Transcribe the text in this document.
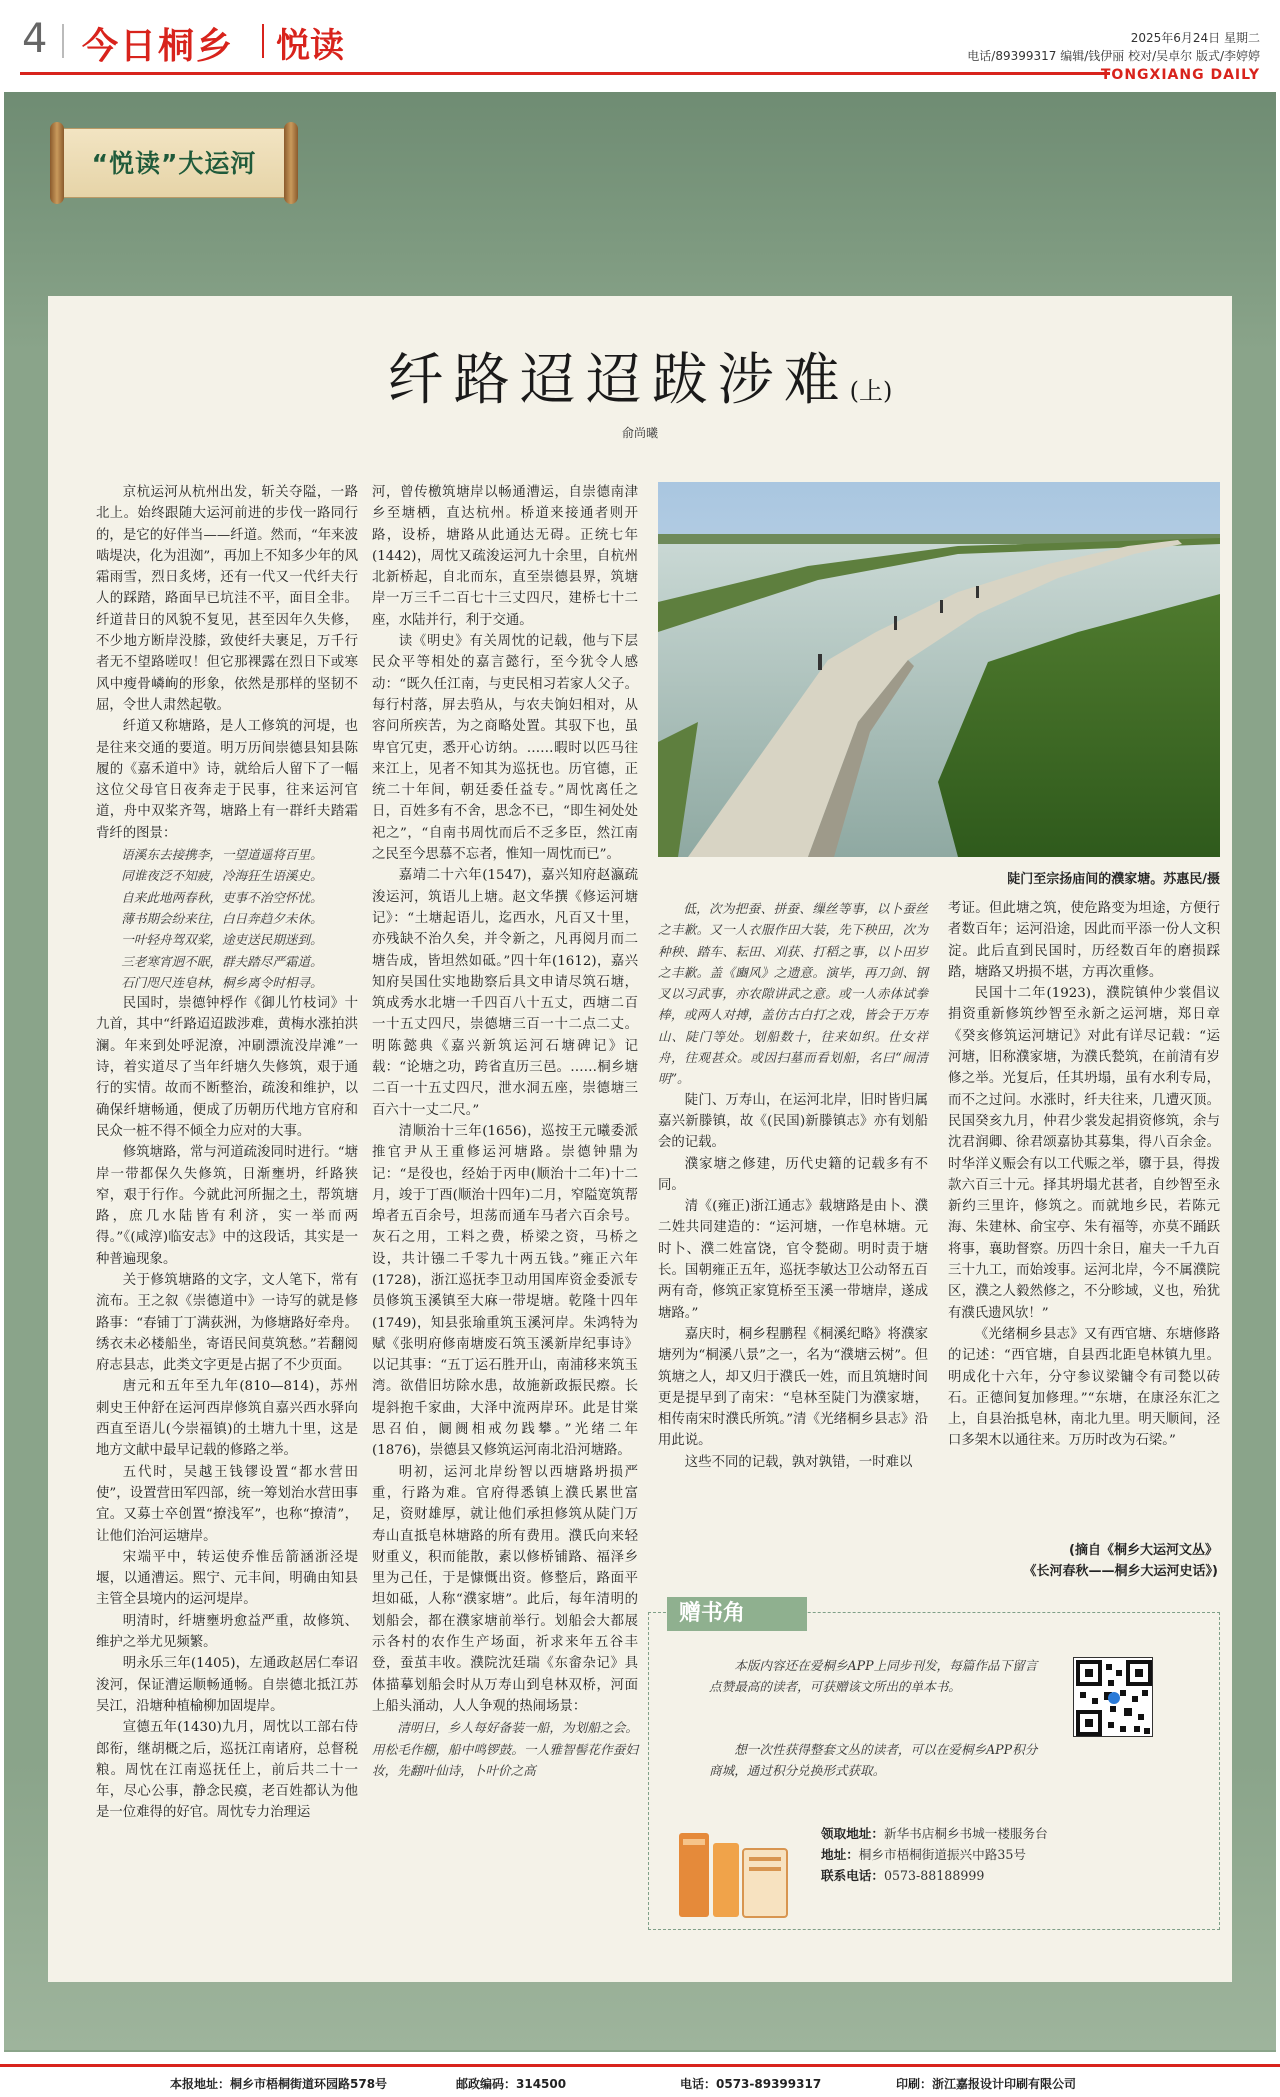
4 今日桐乡 悦读	2025年6月24日 星期二
电话/89399317 编辑/钱伊丽 校对/吴卓尔 版式/李婷婷
TONGXIANG DAILY
“悦读”大运河
纤路迢迢跋涉难(上)
俞尚曦

京杭运河从杭州出发，斩关夺隘，一路北上。始终跟随大运河前进的步伐一路同行的，是它的好伴当——纤道。然而，“年来波啮堤决，化为沮洳”，再加上不知多少年的风霜雨雪，烈日炙烤，还有一代又一代纤夫行人的踩踏，路面早已坑洼不平，面目全非。纤道昔日的风貌不复见，甚至因年久失修，不少地方断岸没膝，致使纤夫裹足，万千行者无不望路嗟叹！但它那裸露在烈日下或寒风中瘦骨嶙峋的形象，依然是那样的坚韧不屈，令世人肃然起敬。

纤道又称塘路，是人工修筑的河堤，也是往来交通的要道。明万历间崇德县知县陈履的《嘉禾道中》诗，就给后人留下了一幅这位父母官日夜奔走于民事，往来运河官道，舟中双桨齐驾，塘路上有一群纤夫踏霜背纤的图景：

语溪东去接携李，一望道遥将百里。
同谁夜泛不知疲，冷海狂生语溪史。
自来此地两春秋，吏事不治空怀忧。
薄书期会纷来往，白日奔趋夕未休。
一叶轻舟驾双桨，途吏送民期迷到。
三老寒宵迥不眠，群夫踏尽严霜道。
石门咫尺连皂林，桐乡离令时相寻。

民国时，崇德钟桴作《御儿竹枝词》十九首，其中“纤路迢迢跋涉难，黄梅水涨拍洪澜。年来到处呼泥潦，冲刷漂流没岸滩”一诗，着实道尽了当年纤塘久失修筑，艰于通行的实情。故而不断整治，疏浚和维护，以确保纤塘畅通，便成了历朝历代地方官府和民众一桩不得不倾全力应对的大事。

修筑塘路，常与河道疏浚同时进行。“塘岸一带都保久失修筑，日渐壅坍，纤路狭窄，艰于行作。今就此河所掘之土，帮筑塘路，庶几水陆皆有利济，实一举而两得。”《(咸淳)临安志》中的这段话，其实是一种普遍现象。

关于修筑塘路的文字，文人笔下，常有流布。王之叙《崇德道中》一诗写的就是修路事：“春铺丁丁满荻洲，为修塘路好牵舟。绣衣未必楼船坐，寄语民间莫筑愁。”若翻阅府志县志，此类文字更是占据了不少页面。

唐元和五年至九年(810—814)，苏州刺史王仲舒在运河西岸修筑自嘉兴西水驿向西直至语儿(今崇福镇)的土塘九十里，这是地方文献中最早记载的修路之举。

五代时，吴越王钱镠设置“都水营田使”，设置营田军四部，统一筹划治水营田事宜。又募士卒创置“撩浅军”，也称“撩清”，让他们治河运塘岸。

宋端平中，转运使乔惟岳箭涵浙泾堤堰，以通漕运。熙宁、元丰间，明确由知县主管全县境内的运河堤岸。

明清时，纤塘壅坍愈益严重，故修筑、维护之举尤见频繁。

明永乐三年(1405)，左通政赵居仁奉诏浚河，保证漕运顺畅通畅。自崇德北抵江苏吴江，沿塘种植榆柳加固堤岸。

宣德五年(1430)九月，周忱以工部右侍郎衔，继胡概之后，巡抚江南诸府，总督税粮。周忱在江南巡抚任上，前后共二十一年，尽心公事，静念民瘼，老百姓都认为他是一位难得的好官。周忱专力治理运

河，曾传檄筑塘岸以畅通漕运，自崇德南津乡至塘栖，直达杭州。桥道来接通者则开路，设桥，塘路从此通达无碍。正统七年(1442)，周忱又疏浚运河九十余里，自杭州北新桥起，自北而东，直至崇德县界，筑塘岸一万三千二百七十三丈四尺，建桥七十二座，水陆并行，利于交通。

读《明史》有关周忱的记载，他与下层民众平等相处的嘉言懿行，至今犹令人感动：“既久任江南，与吏民相习若家人父子。每行村落，屏去驺从，与农夫饷妇相对，从容问所疾苦，为之商略处置。其驭下也，虽卑官冗吏，悉开心访纳。……暇时以匹马往来江上，见者不知其为巡抚也。历官德，正统二十年间，朝廷委任益专。”周忱离任之日，百姓多有不舍，思念不已，“即生祠处处祀之”，“自南书周忱而后不乏多臣，然江南之民至今思慕不忘者，惟知一周忱而已”。

嘉靖二十六年(1547)，嘉兴知府赵瀛疏浚运河，筑语儿上塘。赵文华撰《修运河塘记》：“土塘起语儿，迄西水，凡百又十里，亦残缺不治久矣，并令新之，凡再阅月而二塘告成，皆坦然如砥。”四十年(1612)，嘉兴知府吴国仕实地勘察后具文申请尽筑石塘，筑成秀水北塘一千四百八十五丈，西塘二百一十五丈四尺，崇德塘三百一十二点二丈。明陈懿典《嘉兴新筑运河石塘碑记》记载：“论塘之功，跨省直历三邑。……桐乡塘二百一十五丈四尺，泄水洞五座，崇德塘三百六十一丈二尺。”

清顺治十三年(1656)，巡按王元曦委派推官尹从王重修运河塘路。崇德钟鼎为记：“是役也，经始于丙申(顺治十二年)十二月，竣于丁酉(顺治十四年)二月，窄隘宽筑帮埠者五百余号，坦荡而通车马者六百余号。灰石之用，工料之费，桥梁之资，马桥之设，共计镪二千零九十两五钱。”雍正六年(1728)，浙江巡抚李卫动用国库资金委派专员修筑玉溪镇至大麻一带堤塘。乾隆十四年(1749)，知县张瑜重筑玉溪河岸。朱鸿特为赋《张明府修南塘废石筑玉溪新岸纪事诗》以记其事：“五丁运石胜开山，南浦移来筑玉湾。欲借旧坊除水患，故施新政振民瘵。长堤斜抱千家曲，大泽中流两岸环。此是甘棠思召伯，阛阓相戒勿践攀。”光绪二年(1876)，崇德县又修筑运河南北沿河塘路。

明初，运河北岸纷智以西塘路坍损严重，行路为难。官府得悉镇上濮氏累世富足，资财雄厚，就让他们承担修筑从陡门万寿山直抵皂林塘路的所有费用。濮氏向来轻财重义，积而能散，素以修桥铺路、福泽乡里为己任，于是慷慨出资。修整后，路面平坦如砥，人称“濮家塘”。此后，每年清明的划船会，都在濮家塘前举行。划船会大都展示各村的农作生产场面，祈求来年五谷丰登，蚕茧丰收。濮院沈廷瑞《东畲杂记》具体描摹划船会时从万寿山到皂林双桥，河面上船头涌动，人人争观的热闹场景：

清明日，乡人每好备装一船，为划船之会。用松毛作棚，船中鸣锣鼓。一人雅智髻花作蚕妇妆，先翻叶仙诗，卜叶价之高

陡门至宗扬庙间的濮家塘。苏惠民/摄

低，次为把蚕、拼蚕、缫丝等事，以卜蚕丝之丰歉。又一人衣服作田大装，先下秧田，次为种秧、踏车、耘田、刈获、打稻之事，以卜田岁之丰歉。盖《豳风》之遗意。演毕，再刀剑、钢叉以习武事，亦农隙讲武之意。或一人赤体试拳棒，或两人对搏，盖仿古白打之戏，皆会于万寿山、陡门等处。划船数十，往来如织。仕女祥舟，往观甚众。或因扫墓而看划船，名曰“闹清明”。

陡门、万寿山，在运河北岸，旧时皆归属嘉兴新滕镇，故《(民国)新滕镇志》亦有划船会的记载。

濮家塘之修建，历代史籍的记载多有不同。

清《(雍正)浙江通志》载塘路是由卜、濮二姓共同建造的：“运河塘，一作皂林塘。元时卜、濮二姓富饶，官令甃砌。明时责于塘长。国朝雍正五年，巡抚李敏达卫公动帑五百两有奇，修筑正家筧桥至玉溪一带塘岸，遂成塘路。”

嘉庆时，桐乡程鹏程《桐溪纪略》将濮家塘列为“桐溪八景”之一，名为“濮塘云树”。但筑塘之人，却又归于濮氏一姓，而且筑塘时间更是提早到了南宋：“皂林至陡门为濮家塘，相传南宋时濮氏所筑。”清《光绪桐乡县志》沿用此说。

这些不同的记载，孰对孰错，一时难以

考证。但此塘之筑，使危路变为坦途，方便行者数百年；运河沿途，因此而平添一份人文积淀。此后直到民国时，历经数百年的磨损踩踏，塘路又坍损不堪，方再次重修。

民国十二年(1923)，濮院镇仲少裳倡议捐资重新修筑纱智至永新之运河塘，郑日章《癸亥修筑运河塘记》对此有详尽记载：“运河塘，旧称濮家塘，为濮氏甃筑，在前清有岁修之举。光复后，任其坍塌，虽有水利专局，而不之过问。水涨时，纤夫往来，几遭灭顶。民国癸亥九月，仲君少裳发起捐资修筑，余与沈君润卿、徐君颂嘉协其募集，得八百余金。时华洋义赈会有以工代赈之举，隳于县，得拨款六百三十元。择其坍塌尤甚者，自纱智至永新约三里许，修筑之。而就地乡民，若陈元海、朱建林、俞宝亭、朱有福等，亦莫不踊跃将事，襄助督察。历四十余日，雇夫一千九百三十九工，而始竣事。运河北岸，今不属濮院区，濮之人毅然修之，不分畛域，义也，殆犹有濮氏遗风欤！”

《光绪桐乡县志》又有西官塘、东塘修路的记述：“西官塘，自县西北距皂林镇九里。明成化十六年，分守参议梁镛令有司甃以砖石。正德间复加修理。”“东塘，在康泾东汇之上，自县治抵皂林，南北九里。明天顺间，泾口多架木以通往来。万历时改为石梁。”

(摘自《桐乡大运河文丛》
《长河春秋——桐乡大运河史话》)
赠书角

本版内容还在爱桐乡APP上同步刊发，每篇作品下留言点赞最高的读者，可获赠该文所出的单本书。

想一次性获得整套文丛的读者，可以在爱桐乡APP积分商城，通过积分兑换形式获取。

领取地址：新华书店桐乡书城一楼服务台
地址：桐乡市梧桐街道振兴中路35号
联系电话：0573-88188999
本报地址：桐乡市梧桐街道环园路578号	邮政编码：314500	电话：0573-89399317	印刷：浙江嘉报设计印刷有限公司
